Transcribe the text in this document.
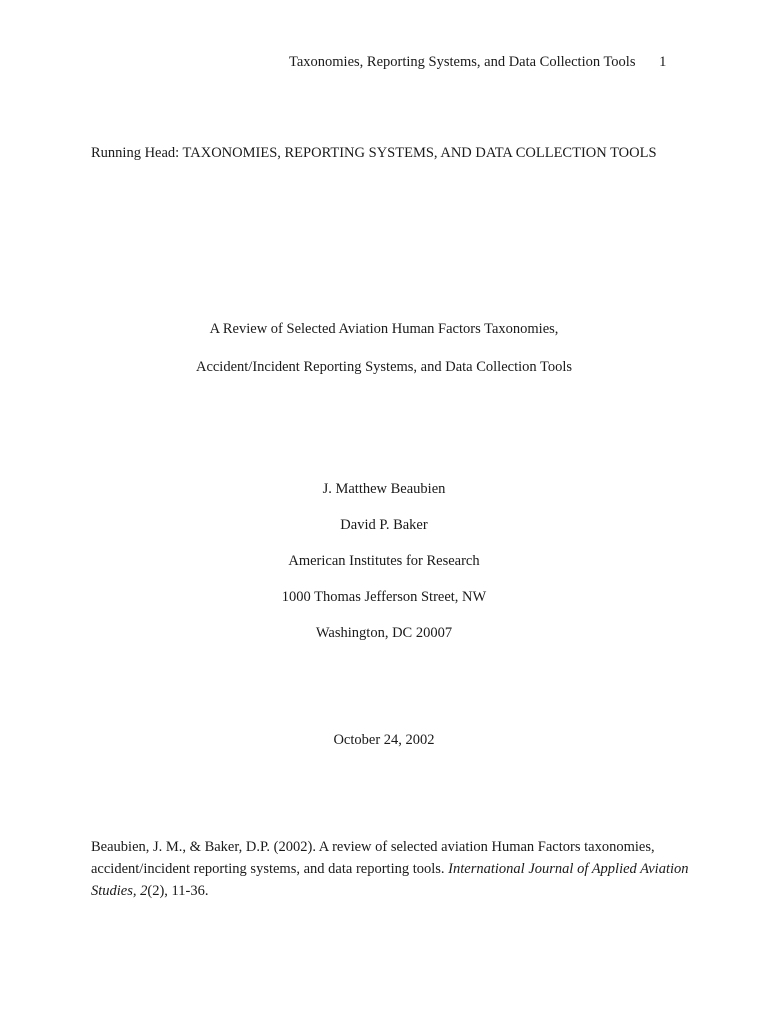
Taxonomies, Reporting Systems, and Data Collection Tools 1
Running Head: TAXONOMIES, REPORTING SYSTEMS, AND DATA COLLECTION TOOLS
A Review of Selected Aviation Human Factors Taxonomies,
Accident/Incident Reporting Systems, and Data Collection Tools
J. Matthew Beaubien
David P. Baker
American Institutes for Research
1000 Thomas Jefferson Street, NW
Washington, DC 20007
October 24, 2002
Beaubien, J. M., & Baker, D.P. (2002). A review of selected aviation Human Factors taxonomies, accident/incident reporting systems, and data reporting tools. International Journal of Applied Aviation Studies, 2(2), 11-36.
